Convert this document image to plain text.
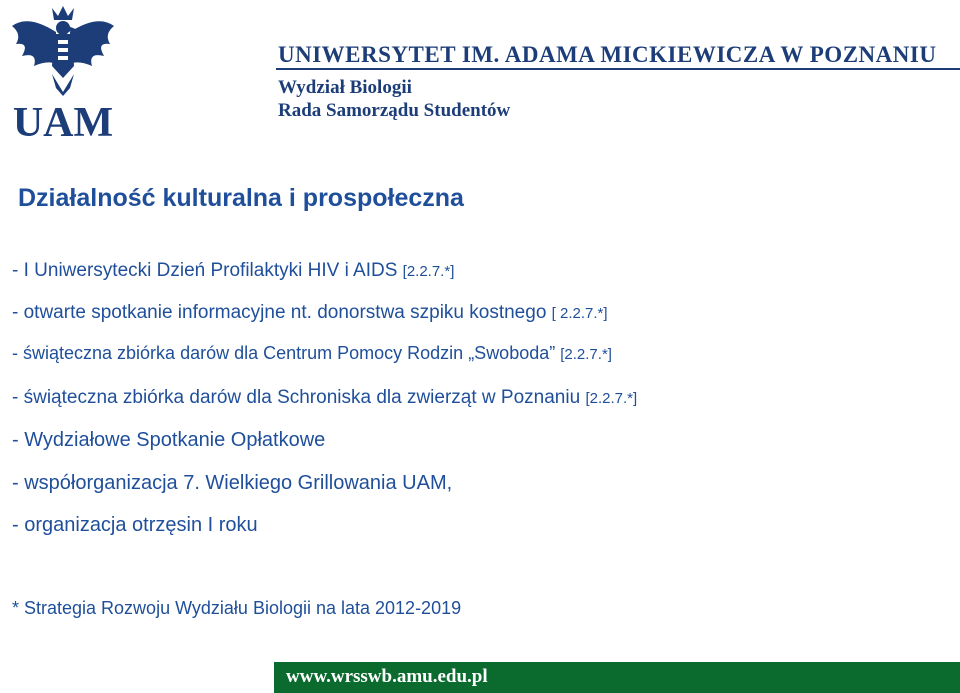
UAM
UNIWERSYTET IM. ADAMA MICKIEWICZA W POZNANIU
Wydział Biologii
Rada Samorządu Studentów
Działalność kulturalna i prospołeczna
- I Uniwersytecki Dzień Profilaktyki HIV i AIDS [2.2.7.*]
- otwarte spotkanie informacyjne nt. donorstwa szpiku kostnego [ 2.2.7.*]
- świąteczna zbiórka darów dla Centrum Pomocy Rodzin „Swoboda” [2.2.7.*]
- świąteczna zbiórka darów dla Schroniska dla zwierząt w Poznaniu [2.2.7.*]
- Wydziałowe Spotkanie Opłatkowe
- współorganizacja 7. Wielkiego Grillowania UAM,
- organizacja otrzęsin I roku
* Strategia Rozwoju Wydziału Biologii na lata 2012-2019
www.wrsswb.amu.edu.pl
